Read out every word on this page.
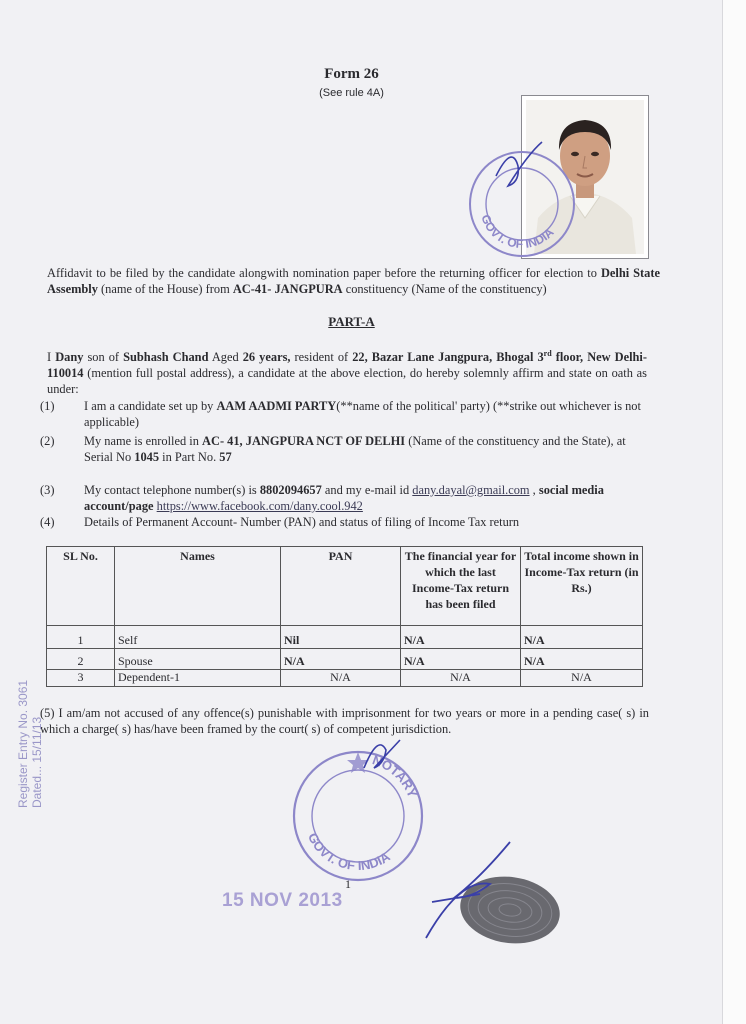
Form 26
(See rule 4A)
GOVT. OF INDIA
Affidavit to be filed by the candidate alongwith nomination paper before the returning officer for election to Delhi State Assembly (name of the House) from AC-41- JANGPURA constituency (Name of the constituency)
PART-A
I Dany son of Subhash Chand Aged 26 years, resident of 22, Bazar Lane Jangpura, Bhogal 3rd floor, New Delhi-110014 (mention full postal address), a candidate at the above election, do hereby solemnly affirm and state on oath as under:
(1) I am a candidate set up by AAM AADMI PARTY(**name of the political' party) (**strike out whichever is not applicable)
(2) My name is enrolled in AC- 41, JANGPURA NCT OF DELHI (Name of the constituency and the State), at Serial No 1045 in Part No. 57
(3) My contact telephone number(s) is 8802094657 and my e-mail id dany.dayal@gmail.com , social media account/page https://www.facebook.com/dany.cool.942
(4) Details of Permanent Account- Number (PAN) and status of filing of Income Tax return
SL No.	Names	PAN	The financial year for which the last Income-Tax return has been filed	Total income shown in Income-Tax return (in Rs.)
1	Self	Nil	N/A	N/A
2	Spouse	N/A	N/A	N/A
3	Dependent-1	N/A	N/A	N/A
(5) I am/am not accused of any offence(s) punishable with imprisonment for two years or more in a pending case( s) in which a charge( s) has/have been framed by the court( s) of competent jurisdiction.
Register Entry No. 3061 Dated... 15/11/13	NOTARY
GOVT. OF INDIA
1
15 NOV 2013
